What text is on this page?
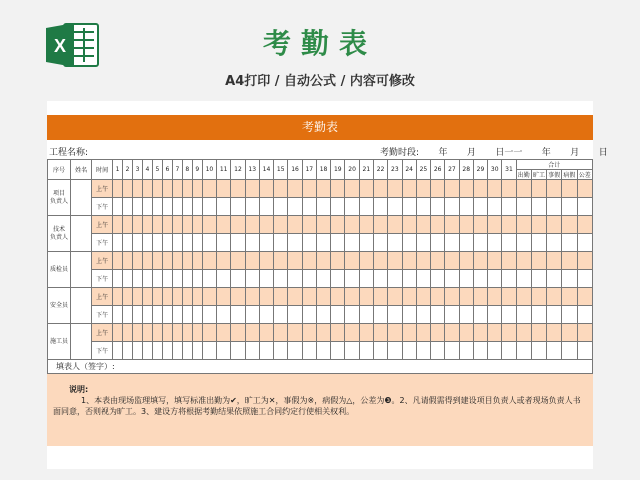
X	考勤表
A4打印 / 自动公式 / 内容可修改
考勤表
工程名称:	考勤时段:    年    月    日一一    年    月    日
序号	姓名	时间	1	2	3	4	5	6	7	8	9	10	11	12	13	14	15	16	17	18	19	20	21	22	23	24	25	26	27	28	29	30	31	合计				
																																		出勤	旷工	事假	病假	公差
项目
负责人		上午																																				
		下午																																				
技术
负责人		上午																																				
		下午																																				
质检员		上午																																				
		下午																																				
安全员		上午																																				
		下午																																				
施工员		上午																																				
		下午																																				
填表人（签字）:																																						
说明:
1、本表由现场监理填写，填写标准出勤为✔，旷工为✕，事假为※，病假为△，公差为❸。2、凡请假需得到建设项目负责人或者现场负责人书面同意，否则视为旷工。3、建设方将根据考勤结果依照施工合同约定行使相关权利。
